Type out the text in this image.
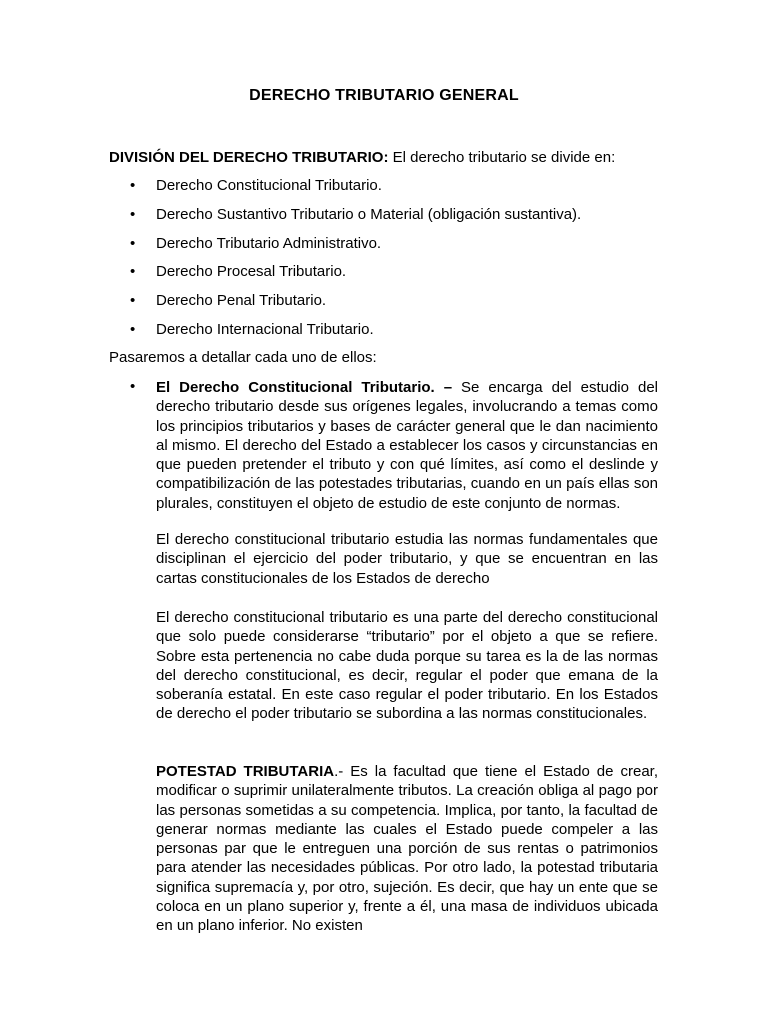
DERECHO TRIBUTARIO GENERAL
DIVISIÓN DEL DERECHO TRIBUTARIO: El derecho tributario se divide en:
• Derecho Constitucional Tributario.
• Derecho Sustantivo Tributario o Material (obligación sustantiva).
• Derecho Tributario Administrativo.
• Derecho Procesal Tributario.
• Derecho Penal Tributario.
• Derecho Internacional Tributario.
Pasaremos a detallar cada uno de ellos:
• El Derecho Constitucional Tributario. – Se encarga del estudio del derecho tributario desde sus orígenes legales, involucrando a temas como los principios tributarios y bases de carácter general que le dan nacimiento al mismo. El derecho del Estado a establecer los casos y circunstancias en que pueden pretender el tributo y con qué límites, así como el deslinde y compatibilización de las potestades tributarias, cuando en un país ellas son plurales, constituyen el objeto de estudio de este conjunto de normas.

El derecho constitucional tributario estudia las normas fundamentales que disciplinan el ejercicio del poder tributario, y que se encuentran en las cartas constitucionales de los Estados de derecho

El derecho constitucional tributario es una parte del derecho constitucional que solo puede considerarse “tributario” por el objeto a que se refiere. Sobre esta pertenencia no cabe duda porque su tarea es la de las normas del derecho constitucional, es decir, regular el poder que emana de la soberanía estatal. En este caso regular el poder tributario. En los Estados de derecho el poder tributario se subordina a las normas constitucionales.

POTESTAD TRIBUTARIA.- Es la facultad que tiene el Estado de crear, modificar o suprimir unilateralmente tributos. La creación obliga al pago por las personas sometidas a su competencia. Implica, por tanto, la facultad de generar normas mediante las cuales el Estado puede compeler a las personas par que le entreguen una porción de sus rentas o patrimonios para atender las necesidades públicas. Por otro lado, la potestad tributaria significa supremacía y, por otro, sujeción. Es decir, que hay un ente que se coloca en un plano superior y, frente a él, una masa de individuos ubicada en un plano inferior. No existen
